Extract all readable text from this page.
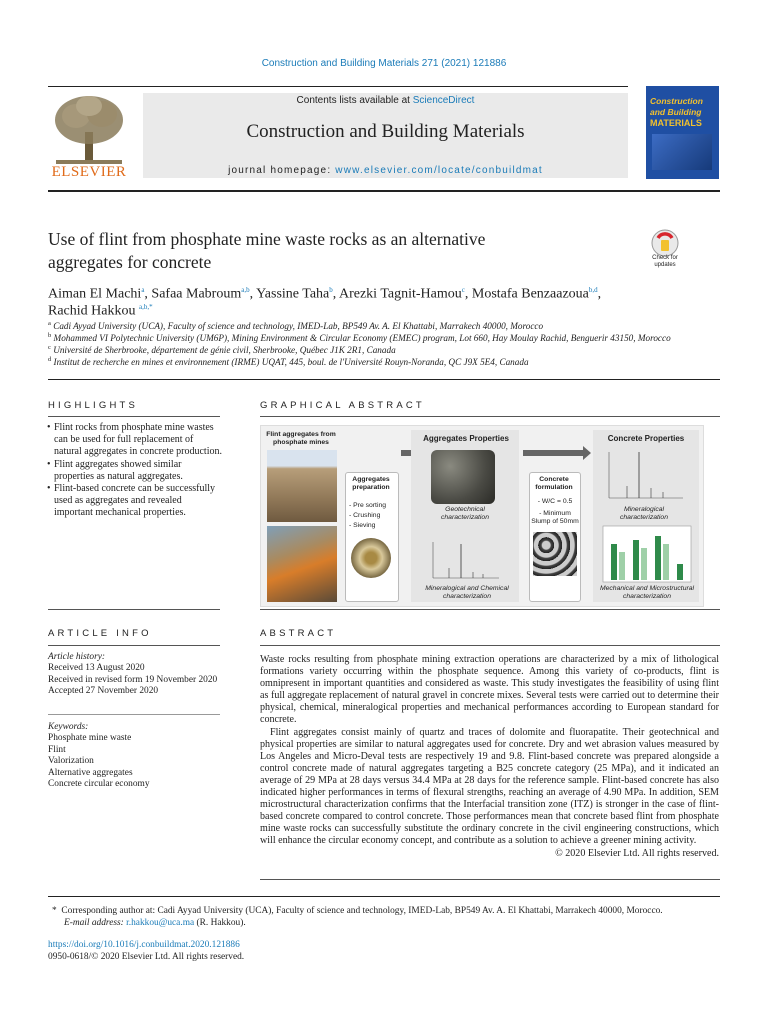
Construction and Building Materials 271 (2021) 121886
ELSEVIER
Contents lists available at ScienceDirect
Construction and Building Materials
journal homepage: www.elsevier.com/locate/conbuildmat
Construction
and Building
MATERIALS
Use of flint from phosphate mine waste rocks as an alternative
aggregates for concrete	Check for
updates
Aiman El Machi$^a$, Safaa Mabroum$^{a,b}$, Yassine Taha$^b$, Arezki Tagnit-Hamou$^c$, Mostafa Benzaazoua$^{b,d}$,
Rachid Hakkou $^{a,b,*}$
$^a$ Cadi Ayyad University (UCA), Faculty of science and technology, IMED-Lab, BP549 Av. A. El Khattabi, Marrakech 40000, Morocco
$^b$ Mohammed VI Polytechnic University (UM6P), Mining Environment & Circular Economy (EMEC) program, Lot 660, Hay Moulay Rachid, Benguerir 43150, Morocco
$^c$ Université de Sherbrooke, département de génie civil, Sherbrooke, Québec J1K 2R1, Canada
$^d$ Institut de recherche en mines et environnement (IRME) UQAT, 445, boul. de l'Université Rouyn-Noranda, QC J9X 5E4, Canada
HIGHLIGHTS
• Flint rocks from phosphate mine wastes can be used for full replacement of natural aggregates in concrete production.
• Flint aggregates showed similar properties as natural aggregates.
• Flint-based concrete can be successfully used as aggregates and revealed important mechanical properties.
GRAPHICAL ABSTRACT
Flint aggregates from phosphate mines
Aggregates preparation
- Pre sorting
- Crushing
- Sieving
Aggregates Properties
Geotechnical characterization
Mineralogical and Chemical characterization
Concrete formulation
- W/C = 0.5
- Minimum Slump of 50mm
Concrete Properties
Mineralogical characterization
Mechanical and Microstructural characterization
ARTICLE INFO
Article history:
Received 13 August 2020
Received in revised form 19 November 2020
Accepted 27 November 2020
Keywords:
Phosphate mine waste
Flint
Valorization
Alternative aggregates
Concrete circular economy
ABSTRACT

Waste rocks resulting from phosphate mining extraction operations are characterized by a mix of lithological formations variety occurring within the phosphate sequence. Among this variety of co-products, flint is omnipresent in important quantities and considered as waste. This study investigates the feasibility of using flint as full aggregate replacement of natural gravel in concrete mixes. Several tests were carried out to determine their physical, chemical, mineralogical properties and mechanical performances according to European standard for concrete.

Flint aggregates consist mainly of quartz and traces of dolomite and fluorapatite. Their geotechnical and physical properties are similar to natural aggregates used for concrete. Dry and wet abrasion values measured by Los Angeles and Micro-Deval tests are respectively 19 and 9.8. Flint-based concrete was prepared alongside a control concrete made of natural aggregates targeting a B25 concrete category (25 MPa), and it indicated an average of 29 MPa at 28 days versus 34.4 MPa at 28 days for the reference sample. Flint-based concrete has also indicated higher performances in terms of flexural strengths, reaching an average of 4.90 MPa. In addition, SEM microstructural characterization confirms that the Interfacial transition zone (ITZ) is stronger in the case of flint-based concrete compared to control concrete. Those performances mean that concrete based flint from phosphate mine waste rocks can successfully substitute the ordinary concrete in the civil engineering constructions, which will enhance the circular economy concept, and contribute as a solution to achieve a greener mining activity.

© 2020 Elsevier Ltd. All rights reserved.

*  Corresponding author at: Cadi Ayyad University (UCA), Faculty of science and technology, IMED-Lab, BP549 Av. A. El Khattabi, Marrakech 40000, Morocco.
E-mail address: r.hakkou@uca.ma (R. Hakkou).
https://doi.org/10.1016/j.conbuildmat.2020.121886
0950-0618/© 2020 Elsevier Ltd. All rights reserved.
